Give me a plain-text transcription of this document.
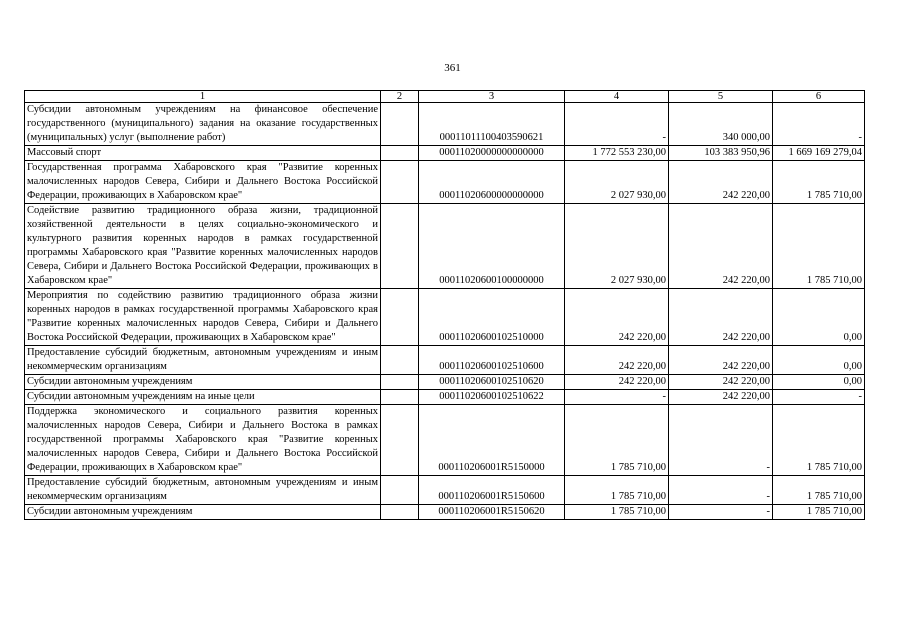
361
1	2	3	4	5	6
Субсидии автономным учреждениям на финансовое обеспечение государственного (муниципального) задания на оказание государственных (муниципальных) услуг (выполнение работ)		00011011100403590621	-	340 000,00	-
Массовый спорт		00011020000000000000	1 772 553 230,00	103 383 950,96	1 669 169 279,04
Государственная программа Хабаровского края "Развитие коренных малочисленных народов Севера, Сибири и Дальнего Востока Российской Федерации, проживающих в Хабаровском крае"		00011020600000000000	2 027 930,00	242 220,00	1 785 710,00
Содействие развитию традиционного образа жизни, традиционной хозяйственной деятельности в целях социально-экономического и культурного развития коренных народов в рамках государственной программы Хабаровского края "Развитие коренных малочисленных народов Севера, Сибири и Дальнего Востока Российской Федерации, проживающих в Хабаровском крае"		00011020600100000000	2 027 930,00	242 220,00	1 785 710,00
Мероприятия по содействию развитию традиционного образа жизни коренных народов в рамках государственной программы Хабаровского края "Развитие коренных малочисленных народов Севера, Сибири и Дальнего Востока Российской Федерации, проживающих в Хабаровском крае"		00011020600102510000	242 220,00	242 220,00	0,00
Предоставление субсидий бюджетным, автономным учреждениям и иным некоммерческим организациям		00011020600102510600	242 220,00	242 220,00	0,00
Субсидии автономным учреждениям		00011020600102510620	242 220,00	242 220,00	0,00
Субсидии автономным учреждениям на иные цели		00011020600102510622	-	242 220,00	-
Поддержка экономического и социального развития коренных малочисленных народов Севера, Сибири и Дальнего Востока в рамках государственной программы Хабаровского края "Развитие коренных малочисленных народов Севера, Сибири и Дальнего Востока Российской Федерации, проживающих в Хабаровском крае"		000110206001R5150000	1 785 710,00	-	1 785 710,00
Предоставление субсидий бюджетным, автономным учреждениям и иным некоммерческим организациям		000110206001R5150600	1 785 710,00	-	1 785 710,00
Субсидии автономным учреждениям		000110206001R5150620	1 785 710,00	-	1 785 710,00
